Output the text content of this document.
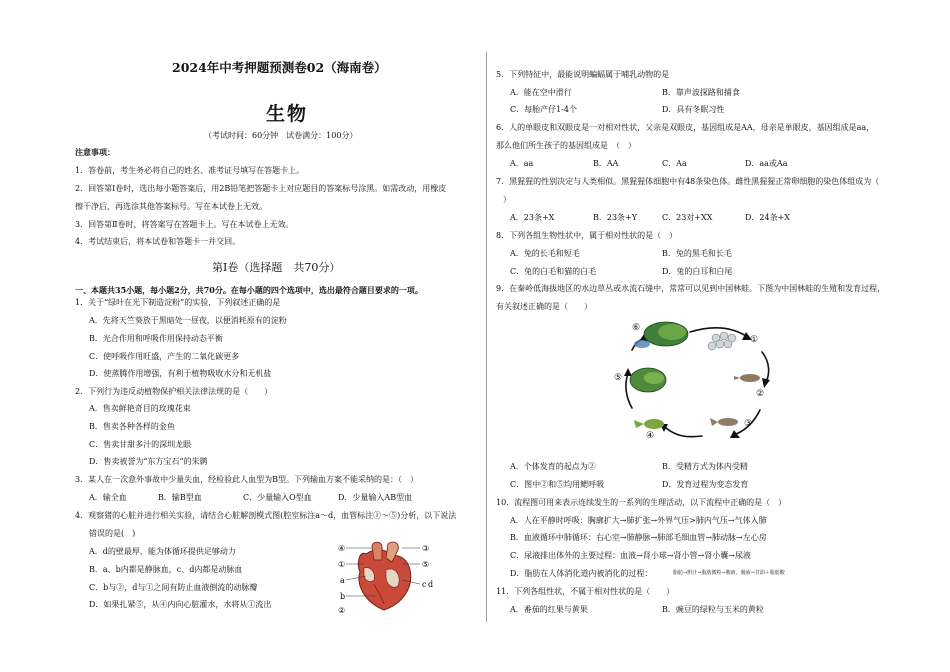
2024年中考押题预测卷02（海南卷）
生物
（考试时间：60分钟　试卷满分：100分）
注意事项：
1．答卷前，考生务必将自己的姓名、准考证号填写在答题卡上。
2．回答第Ⅰ卷时，选出每小题答案后，用2B铅笔把答题卡上对应题目的答案标号涂黑。如需改动，用橡皮
擦干净后，再选涂其他答案标号。写在本试卷上无效。
3．回答第Ⅱ卷时，将答案写在答题卡上。写在本试卷上无效。
4．考试结束后，将本试卷和答题卡一并交回。
第Ⅰ卷（选择题　共70分）
一、本题共35小题，每小题2分，共70分。在每小题的四个选项中，选出最符合题目要求的一项。
1．关于“绿叶在光下制造淀粉”的实验，下列叙述正确的是
A．先将天竺葵放于黑暗处一昼夜，以便消耗原有的淀粉
B．光合作用和呼吸作用保持动态平衡
C．使呼吸作用旺盛，产生的二氧化碳更多
D．使蒸腾作用增强，有利于植物吸收水分和无机盐
2．下列行为违反动植物保护相关法律法规的是（　　）
A．售卖鲜艳奇目的玫瑰花束
B．售卖各种各样的金鱼
C．售卖甘甜多汁的深圳龙眼
D．售卖被誉为“东方宝石”的朱鹮
3．某人在一次意外事故中少量失血，经检验此人血型为B型。下列输血方案不能采纳的是：（　）
A．输全血	B．输B型血	C．少量输入O型血	D．少量输入AB型血
4．观察猪的心脏并进行相关实验，请结合心脏解剖模式图(腔室标注a～d，血管标注①～⑤)分析，以下说法
错误的是(　)
A．d的壁最厚，能为体循环提供足够动力
B．a、b内都是静脉血，c、d内都是动脉血
C．b与②，d与①之间有防止血液倒流的动脉瓣
D．如果扎紧⑤，从④内向心脏灌水，水将从①流出
④	③
⑤
a
b
c d
①
②
5．下列特征中，最能说明蝙蝠属于哺乳动物的是
A．能在空中滑行	B．靠声波探路和捕食
C．每胎产仔1-4个	D．具有冬眠习性
6．人的单眼皮和双眼皮是一对相对性状，父亲是双眼皮，基因组成是AA，母亲是单眼皮，基因组成是aa，
那么他们所生孩子的基因组成是　（　）
A．aa	B．AA	C．Aa	D．aa或Aa
7．黑猩猩的性别决定与人类相似。黑猩猩体细胞中有48条染色体。雌性黑猩猩正常卵细胞的染色体组成为（
）
A．23条+X	B．23条+Y	C．23对+XX	D．24条+X
8．下列各组生物性状中，属于相对性状的是（　）
A．兔的长毛和短毛	B．兔的黑毛和长毛
C．兔的白毛和猫的白毛	D．兔的白耳和白尾
9．在秦岭低海拔地区的水边草丛或水流石缝中，常常可以见到中国林蛙。下图为中国林蛙的生殖和发育过程，
有关叙述正确的是（　　）
⑥
①
②
③
④
⑤
A．个体发育的起点为②	B．受精方式为体内受精
C．图中②和⑤均用鳃呼吸	D．发育过程为变态发育
10．流程图可用来表示连续发生的一系列的生理活动，以下流程中正确的是（　）
A．人在平静时呼吸：胸廓扩大→肺扩张→外界气压>肺内气压→气体入肺
B．血液循环中肺循环：右心室→肺静脉→肺部毛细血管→肺动脉→左心房
C．尿液排出体外的主要过程：血液→肾小球→肾小管→肾小囊→尿液
D．脂肪在人体消化道内被消化的过程：	脂肪→胆汁→脂肪微粒→胰液、肠液→甘油＋脂肪酸
11．下列各组性状，不属于相对性状的是（　　）
A．番茄的红果与黄果	B．豌豆的绿粒与玉米的黄粒
